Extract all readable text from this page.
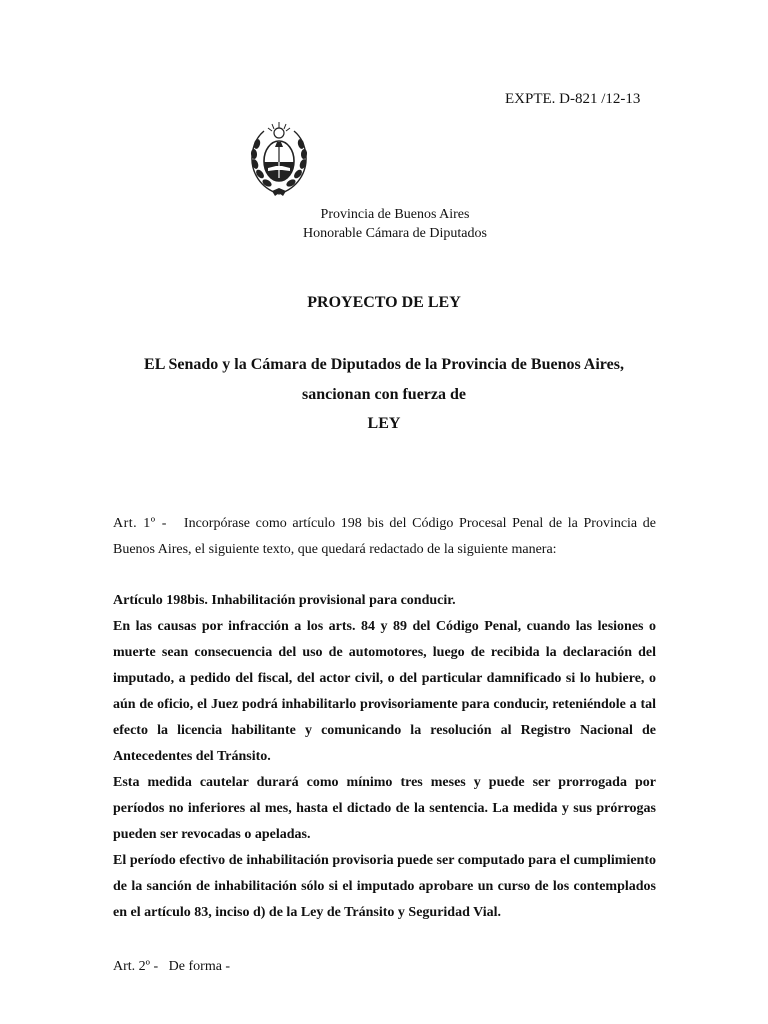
EXPTE. D-821 /12-13
Provincia de Buenos Aires
Honorable Cámara de Diputados
PROYECTO DE LEY
EL Senado y la Cámara de Diputados de la Provincia de Buenos Aires,
sancionan con fuerza de
LEY
Art. 1º - Incorpórase como artículo 198 bis del Código Procesal Penal de la Provincia de Buenos Aires, el siguiente texto, que quedará redactado de la siguiente manera:

Artículo 198bis. Inhabilitación provisional para conducir.

En las causas por infracción a los arts. 84 y 89 del Código Penal, cuando las lesiones o muerte sean consecuencia del uso de automotores, luego de recibida la declaración del imputado, a pedido del fiscal, del actor civil, o del particular damnificado si lo hubiere, o aún de oficio, el Juez podrá inhabilitarlo provisoriamente para conducir, reteniéndole a tal efecto la licencia habilitante y comunicando la resolución al Registro Nacional de Antecedentes del Tránsito.

Esta medida cautelar durará como mínimo tres meses y puede ser prorrogada por períodos no inferiores al mes, hasta el dictado de la sentencia. La medida y sus prórrogas pueden ser revocadas o apeladas.

El período efectivo de inhabilitación provisoria puede ser computado para el cumplimiento de la sanción de inhabilitación sólo si el imputado aprobare un curso de los contemplados en el artículo 83, inciso d) de la Ley de Tránsito y Seguridad Vial.

Art. 2º - De forma -
